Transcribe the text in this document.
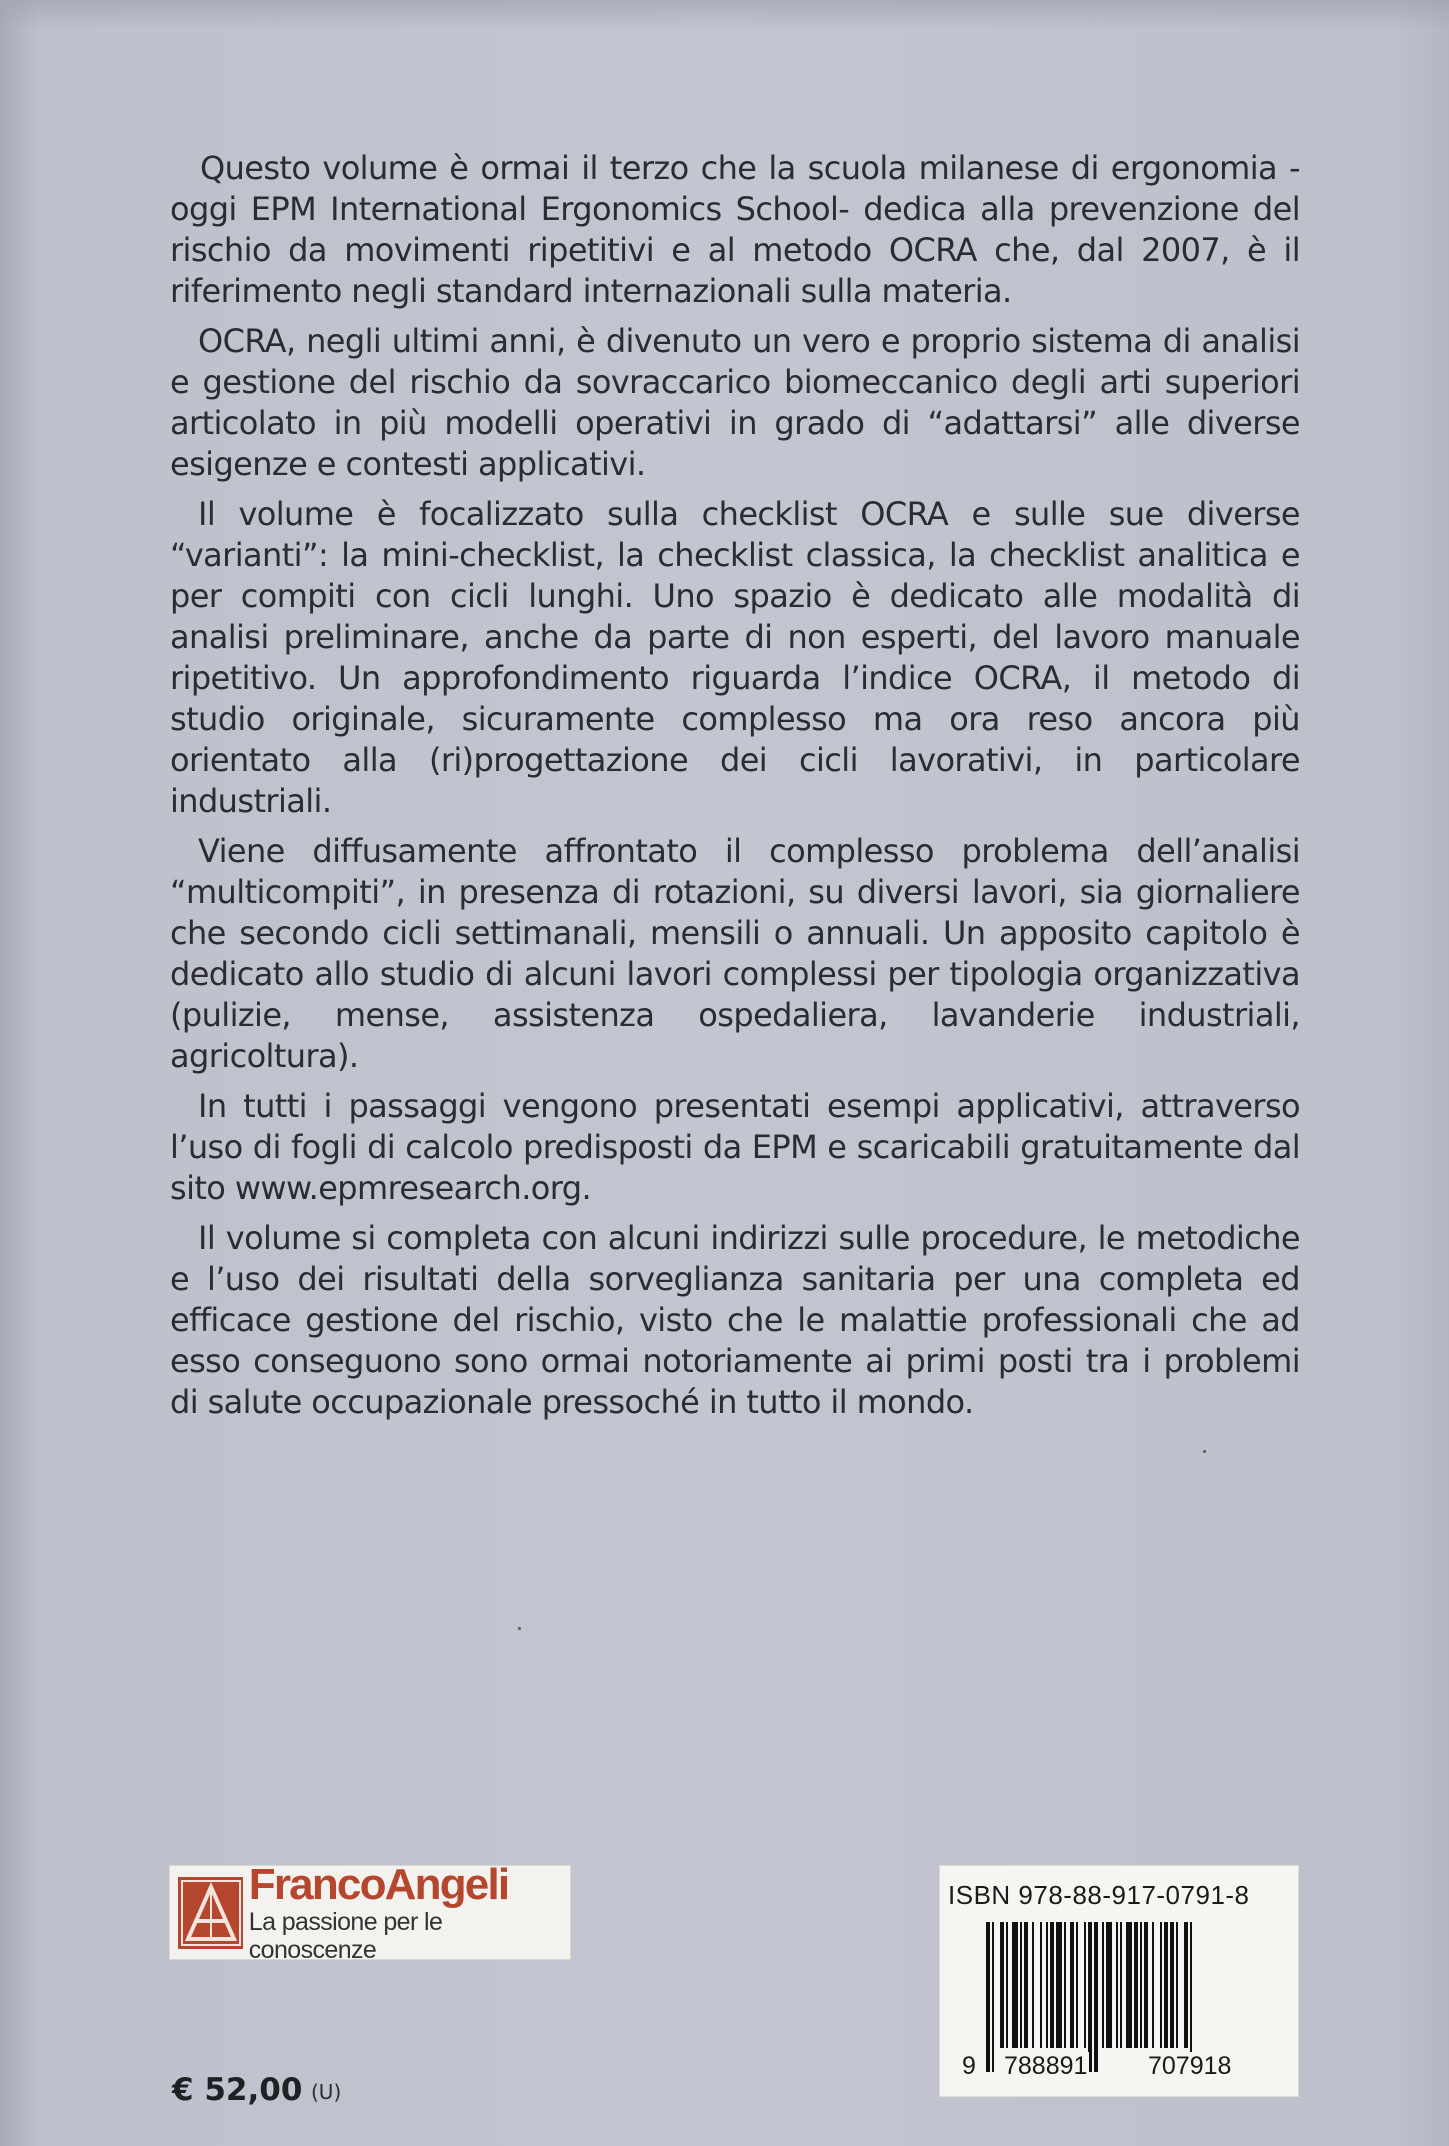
Questo volume è ormai il terzo che la scuola milanese di ergonomia - oggi EPM International Ergonomics School- dedica alla prevenzione del rischio da movimenti ripetitivi e al metodo OCRA che, dal 2007, è il riferimento negli standard internazionali sulla materia.

OCRA, negli ultimi anni, è divenuto un vero e proprio sistema di analisi e gestione del rischio da sovraccarico biomeccanico degli arti superiori articolato in più modelli operativi in grado di “adattarsi” alle diverse esigenze e contesti applicativi.

Il volume è focalizzato sulla checklist OCRA e sulle sue diverse “varianti”: la mini-checklist, la checklist classica, la checklist analitica e per compiti con cicli lunghi. Uno spazio è dedicato alle modalità di analisi preliminare, anche da parte di non esperti, del lavoro manuale ripetitivo. Un approfondimento riguarda l’indice OCRA, il metodo di studio originale, sicuramente complesso ma ora reso ancora più orientato alla (ri)progettazione dei cicli lavorativi, in particolare industriali.

Viene diffusamente affrontato il complesso problema dell’analisi “multicompiti”, in presenza di rotazioni, su diversi lavori, sia giornaliere che secondo cicli settimanali, mensili o annuali. Un apposito capitolo è dedicato allo studio di alcuni lavori complessi per tipologia organizzativa (pulizie, mense, assistenza ospedaliera, lavanderie industriali, agricoltura).

In tutti i passaggi vengono presentati esempi applicativi, attraverso l’uso di fogli di calcolo predisposti da EPM e scaricabili gratuitamente dal sito www.epmresearch.org.

Il volume si completa con alcuni indirizzi sulle procedure, le metodiche e l’uso dei risultati della sorveglianza sanitaria per una completa ed efficace gestione del rischio, visto che le malattie professionali che ad esso conseguono sono ormai notoriamente ai primi posti tra i problemi di salute occupazionale pressoché in tutto il mondo.

FrancoAngeli
La passione per le conoscenze
€ 52,00 (U)
ISBN 978-88-917-0791-8
9 788891 707918
